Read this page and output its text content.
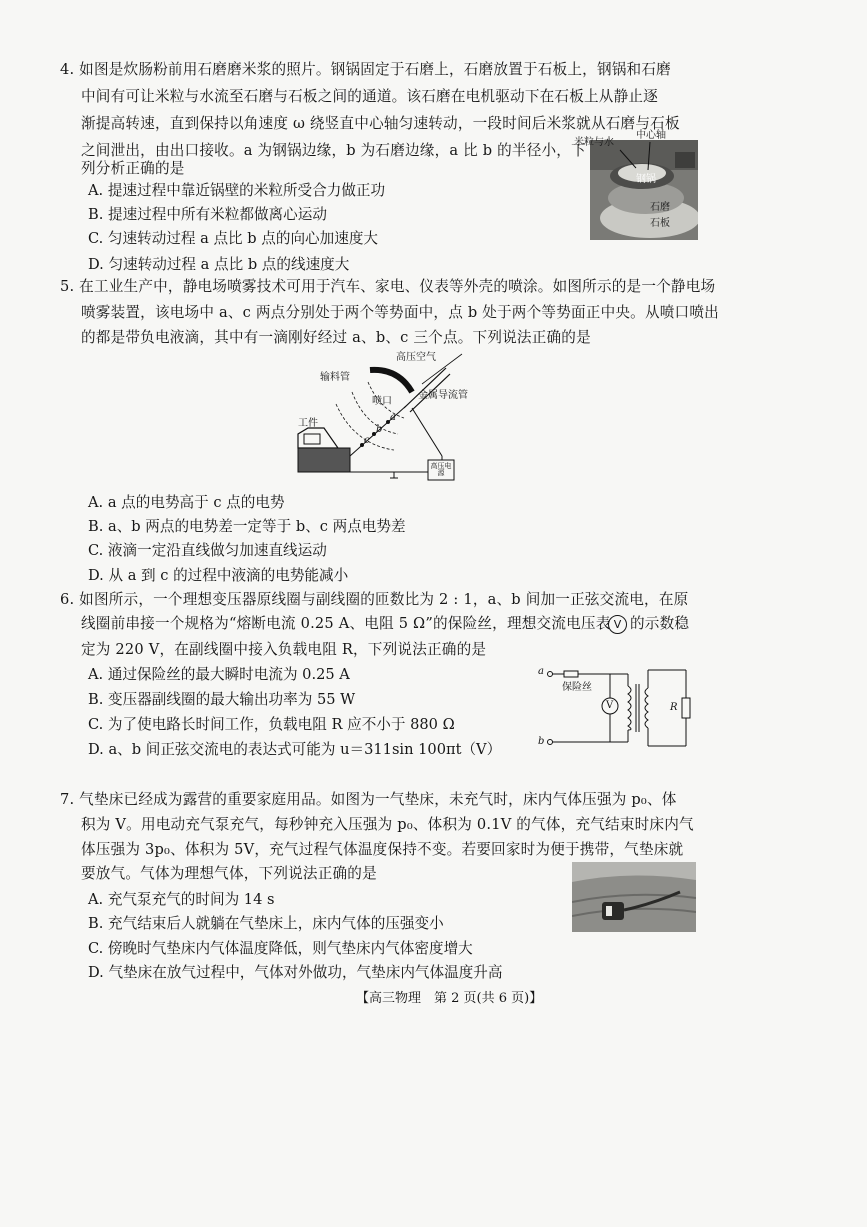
4. 如图是炊肠粉前用石磨磨米浆的照片。钢锅固定于石磨上，石磨放置于石板上，钢锅和石磨
中间有可让米粒与水流至石磨与石板之间的通道。该石磨在电机驱动下在石板上从静止逐
渐提高转速，直到保持以角速度 ω 绕竖直中心轴匀速转动，一段时间后米浆就从石磨与石板
之间泄出，由出口接收。a 为钢锅边缘，b 为石磨边缘，a 比 b 的半径小，下
列分析正确的是
A. 提速过程中靠近锅壁的米粒所受合力做正功
B. 提速过程中所有米粒都做离心运动
C. 匀速转动过程 a 点比 b 点的向心加速度大
D. 匀速转动过程 a 点比 b 点的线速度大
米粒与水
中心轴
钢锅
石磨
石板
5. 在工业生产中，静电场喷雾技术可用于汽车、家电、仪表等外壳的喷涂。如图所示的是一个静电场
喷雾装置，该电场中 a、c 两点分别处于两个等势面中，点 b 处于两个等势面正中央。从喷口喷出
的都是带负电液滴，其中有一滴刚好经过 a、b、c 三个点。下列说法正确的是
高压空气
输料管
喷口
金属导流管
工件
a
b
c
高压电源
A. a 点的电势高于 c 点的电势
B. a、b 两点的电势差一定等于 b、c 两点电势差
C. 液滴一定沿直线做匀加速直线运动
D. 从 a 到 c 的过程中液滴的电势能减小
6. 如图所示，一个理想变压器原线圈与副线圈的匝数比为 2 : 1，a、b 间加一正弦交流电，在原
线圈前串接一个规格为“熔断电流 0.25 A、电阻 5 Ω”的保险丝，理想交流电压表 V 的示数稳
定为 220 V，在副线圈中接入负载电阻 R，下列说法正确的是
A. 通过保险丝的最大瞬时电流为 0.25 A
B. 变压器副线圈的最大输出功率为 55 W
C. 为了使电路长时间工作，负载电阻 R 应不小于 880 Ω
D. a、b 间正弦交流电的表达式可能为 u＝311sin 100πt（V）
a
b
保险丝
V	R
7. 气垫床已经成为露营的重要家庭用品。如图为一气垫床，未充气时，床内气体压强为 p₀、体
积为 V。用电动充气泵充气，每秒钟充入压强为 p₀、体积为 0.1V 的气体，充气结束时床内气
体压强为 3p₀、体积为 5V，充气过程气体温度保持不变。若要回家时为便于携带，气垫床就
要放气。气体为理想气体，下列说法正确的是
A. 充气泵充气的时间为 14 s
B. 充气结束后人就躺在气垫床上，床内气体的压强变小
C. 傍晚时气垫床内气体温度降低，则气垫床内气体密度增大
D. 气垫床在放气过程中，气体对外做功，气垫床内气体温度升高
【高三物理　第 2 页(共 6 页)】
